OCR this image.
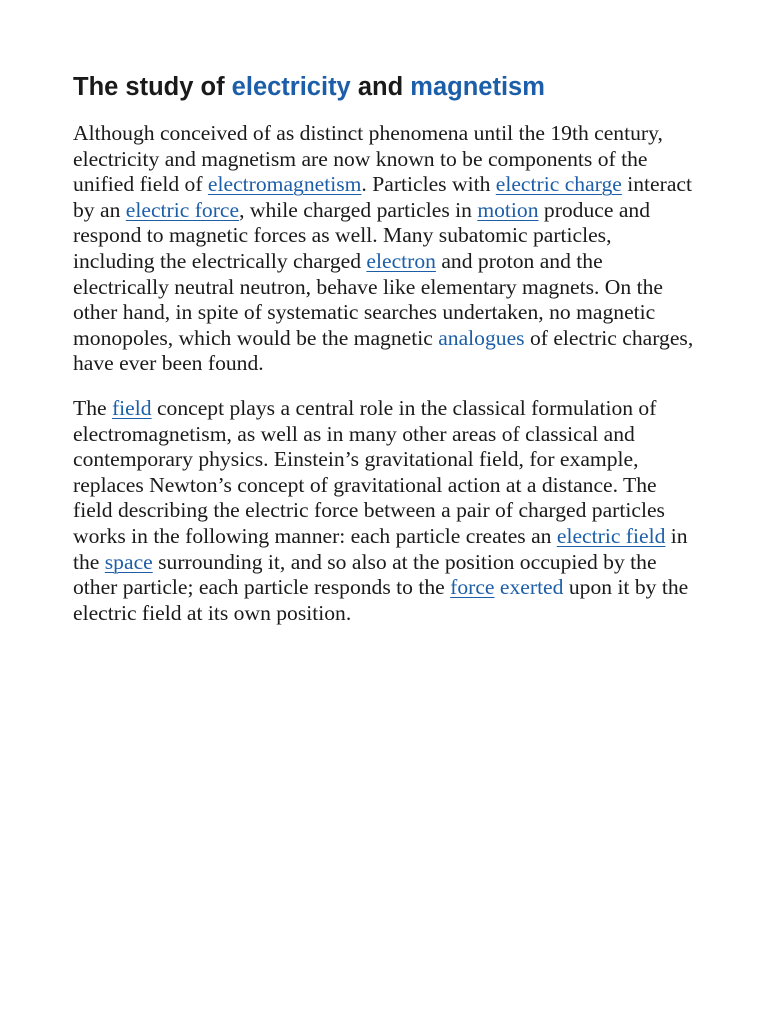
The study of electricity and magnetism

Although conceived of as distinct phenomena until the 19th century, electricity and magnetism are now known to be components of the unified field of electromagnetism. Particles with electric charge interact by an electric force, while charged particles in motion produce and respond to magnetic forces as well. Many subatomic particles, including the electrically charged electron and proton and the electrically neutral neutron, behave like elementary magnets. On the other hand, in spite of systematic searches undertaken, no magnetic monopoles, which would be the magnetic analogues of electric charges, have ever been found.

The field concept plays a central role in the classical formulation of electromagnetism, as well as in many other areas of classical and contemporary physics. Einstein’s gravitational field, for example, replaces Newton’s concept of gravitational action at a distance. The field describing the electric force between a pair of charged particles works in the following manner: each particle creates an electric field in the space surrounding it, and so also at the position occupied by the other particle; each particle responds to the force exerted upon it by the electric field at its own position.
